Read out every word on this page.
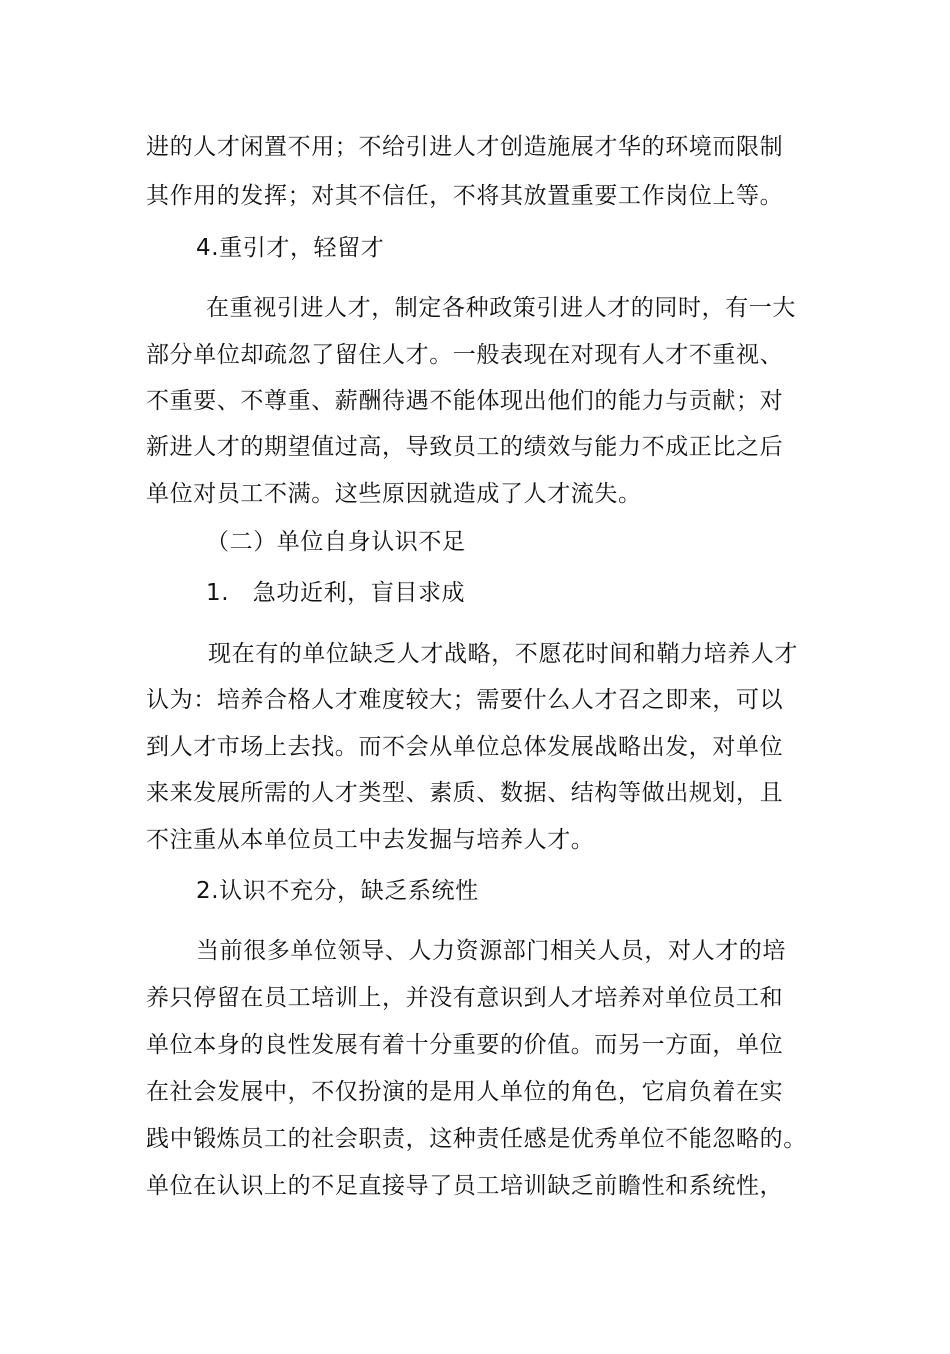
进的人才闲置不用；不给引进人才创造施展才华的环境而限制
其作用的发挥；对其不信任，不将其放置重要工作岗位上等。
4.重引才，轻留才
在重视引进人才，制定各种政策引进人才的同时，有一大
部分单位却疏忽了留住人才。一般表现在对现有人才不重视、
不重要、不尊重、薪酬待遇不能体现出他们的能力与贡献；对
新进人才的期望值过高，导致员工的绩效与能力不成正比之后
单位对员工不满。这些原因就造成了人才流失。
（二）单位自身认识不足
1.　急功近利，盲目求成
现在有的单位缺乏人才战略，不愿花时间和鞘力培养人才
认为：培养合格人才难度较大；需要什么人才召之即来，可以
到人才市场上去找。而不会从单位总体发展战略出发，对单位
来来发展所需的人才类型、素质、数据、结构等做出规划，且
不注重从本单位员工中去发掘与培养人才。
2.认识不充分，缺乏系统性
当前很多单位领导、人力资源部门相关人员，对人才的培
养只停留在员工培训上，并没有意识到人才培养对单位员工和
单位本身的良性发展有着十分重要的价值。而另一方面，单位
在社会发展中，不仅扮演的是用人单位的角色，它肩负着在实
践中锻炼员工的社会职责，这种责任感是优秀单位不能忽略的。
单位在认识上的不足直接导了员工培训缺乏前瞻性和系统性，
